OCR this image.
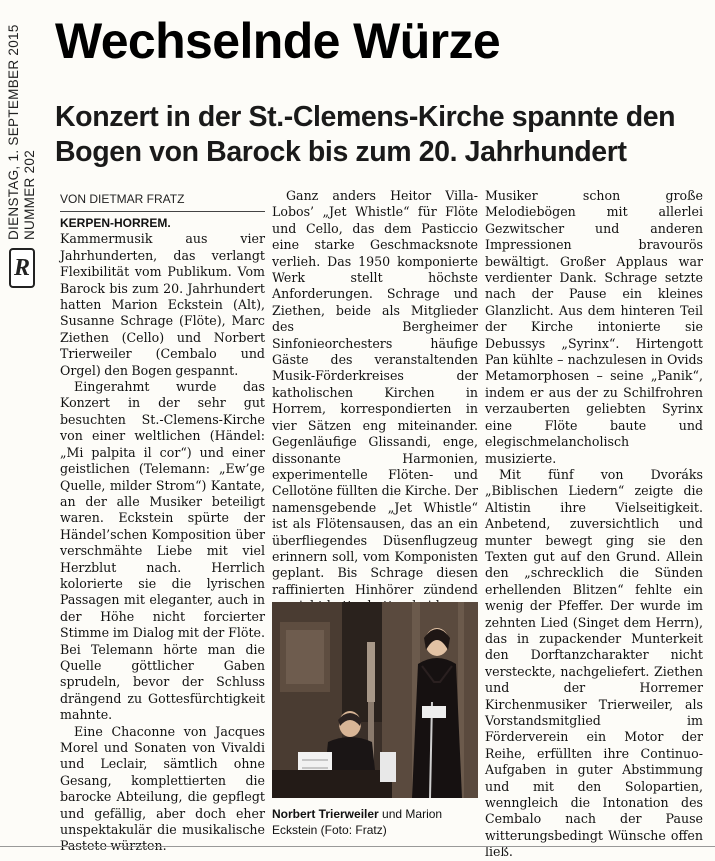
DIENSTAG, 1. SEPTEMBER 2015 NUMMER 202
R
Wechselnde Würze
Konzert in der St.-Clemens-Kirche spannte den Bogen von Barock bis zum 20. Jahrhundert
VON DIETMAR FRATZ

KERPEN-HORREM. Kammermusik aus vier Jahrhunderten, das verlangt Flexibilität vom Publikum. Vom Barock bis zum 20. Jahrhundert hatten Marion Eckstein (Alt), Susanne Schrage (Flöte), Marc Ziethen (Cello) und Norbert Trierweiler (Cembalo und Orgel) den Bogen gespannt.

Eingerahmt wurde das Konzert in der sehr gut besuchten St.-Clemens-Kirche von einer weltlichen (Händel: „Mi palpita il cor“) und einer geistlichen (Telemann: „Ew’ge Quelle, milder Strom“) Kantate, an der alle Musiker beteiligt waren. Eckstein spürte der Händel’schen Komposition über verschmähte Liebe mit viel Herzblut nach. Herrlich kolorierte sie die lyrischen Passagen mit eleganter, auch in der Höhe nicht forcierter Stimme im Dialog mit der Flöte. Bei Telemann hörte man die Quelle göttlicher Gaben sprudeln, bevor der Schluss drängend zu Gottesfürchtigkeit mahnte.

Eine Chaconne von Jacques Morel und Sonaten von Vivaldi und Leclair, sämtlich ohne Gesang, komplettierten die barocke Abteilung, die gepflegt und gefällig, aber doch eher unspektakulär die musikalische Pastete würzten.

Ganz anders Heitor Villa-Lobos’ „Jet Whistle“ für Flöte und Cello, das dem Pasticcio eine starke Geschmacksnote verlieh. Das 1950 komponierte Werk stellt höchste Anforderungen. Schrage und Ziethen, beide als Mitglieder des Bergheimer Sinfonieorchesters häufige Gäste des veranstaltenden Musik-Förderkreises der katholischen Kirchen in Horrem, korrespondierten in vier Sätzen eng miteinander. Gegenläufige Glissandi, enge, dissonante Harmonien, experimentelle Flöten- und Cellotöne füllten die Kirche. Der namensgebende „Jet Whistle“ ist als Flötensausen, das an ein überfliegendes Düsenflugzeug erinnern soll, vom Komponisten geplant. Bis Schrage diesen raffinierten Hinhörer zündend

Norbert Trierweiler und Marion Eckstein (Foto: Fratz)

Musiker schon große Melodiebögen mit allerlei Gezwitscher und anderen Impressionen bravourös bewältigt. Großer Applaus war verdienter Dank. Schrage setzte nach der Pause ein kleines Glanzlicht. Aus dem hinteren Teil der Kirche intonierte sie Debussys „Syrinx“. Hirtengott Pan kühlte – nachzulesen in Ovids Metamorphosen – seine „Panik“, indem er aus der zu Schilfrohren verzauberten geliebten Syrinx eine Flöte baute und elegischmelancholisch musizierte.

Mit fünf von Dvoráks „Biblischen Liedern“ zeigte die Altistin ihre Vielseitigkeit. Anbetend, zuversichtlich und munter bewegt ging sie den Texten gut auf den Grund. Allein den „schrecklich die Sünden erhellenden Blitzen“ fehlte ein wenig der Pfeffer. Der wurde im zehnten Lied (Singet dem Herrn), das in zupackender Munterkeit den Dorftanzcharakter nicht versteckte, nachgeliefert. Ziethen und der Horremer Kirchenmusiker Trierweiler, als Vorstandsmitglied im Förderverein ein Motor der Reihe, erfüllten ihre Continuo-Aufgaben in guter Abstimmung und mit den Solopartien, wenngleich die Intonation des Cembalo nach der Pause witterungsbedingt Wünsche offen ließ.
